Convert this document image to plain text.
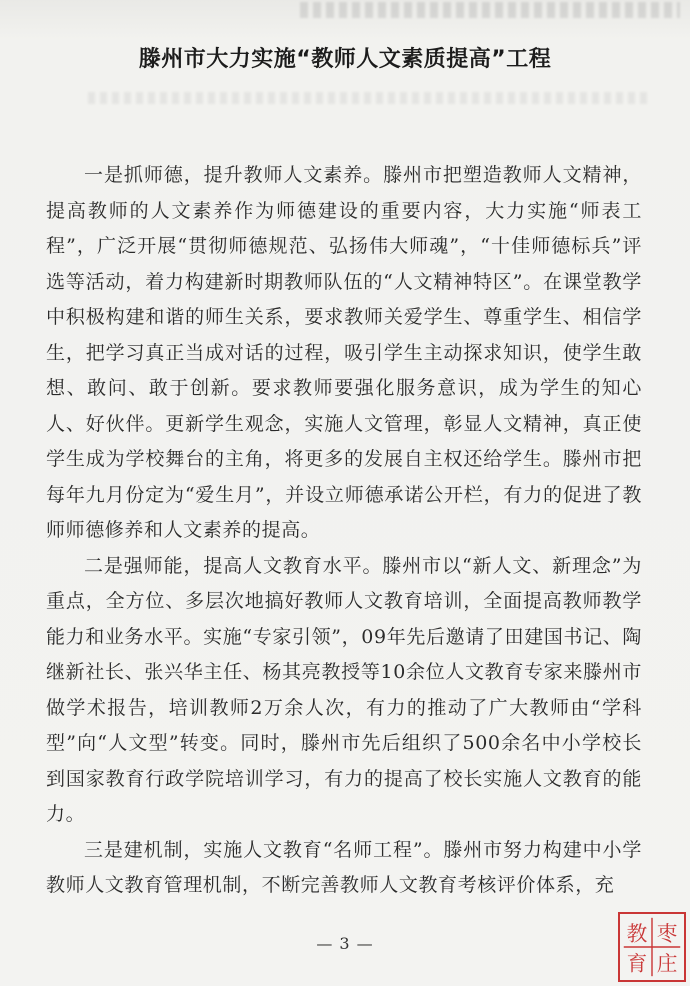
滕州市大力实施“教师人文素质提高”工程

一是抓师德，提升教师人文素养。滕州市把塑造教师人文精神，提高教师的人文素养作为师德建设的重要内容，大力实施“师表工程”，广泛开展“贯彻师德规范、弘扬伟大师魂”，“十佳师德标兵”评选等活动，着力构建新时期教师队伍的“人文精神特区”。在课堂教学中积极构建和谐的师生关系，要求教师关爱学生、尊重学生、相信学生，把学习真正当成对话的过程，吸引学生主动探求知识，使学生敢想、敢问、敢于创新。要求教师要强化服务意识，成为学生的知心人、好伙伴。更新学生观念，实施人文管理，彰显人文精神，真正使学生成为学校舞台的主角，将更多的发展自主权还给学生。滕州市把每年九月份定为“爱生月”，并设立师德承诺公开栏，有力的促进了教师师德修养和人文素养的提高。

二是强师能，提高人文教育水平。滕州市以“新人文、新理念”为重点，全方位、多层次地搞好教师人文教育培训，全面提高教师教学能力和业务水平。实施“专家引领”，09年先后邀请了田建国书记、陶继新社长、张兴华主任、杨其亮教授等10余位人文教育专家来滕州市做学术报告，培训教师2万余人次，有力的推动了广大教师由“学科型”向“人文型”转变。同时，滕州市先后组织了500余名中小学校长到国家教育行政学院培训学习，有力的提高了校长实施人文教育的能力。

三是建机制，实施人文教育“名师工程”。滕州市努力构建中小学教师人文教育管理机制，不断完善教师人文教育考核评价体系，充

— 3 —	枣
庄
教
育
